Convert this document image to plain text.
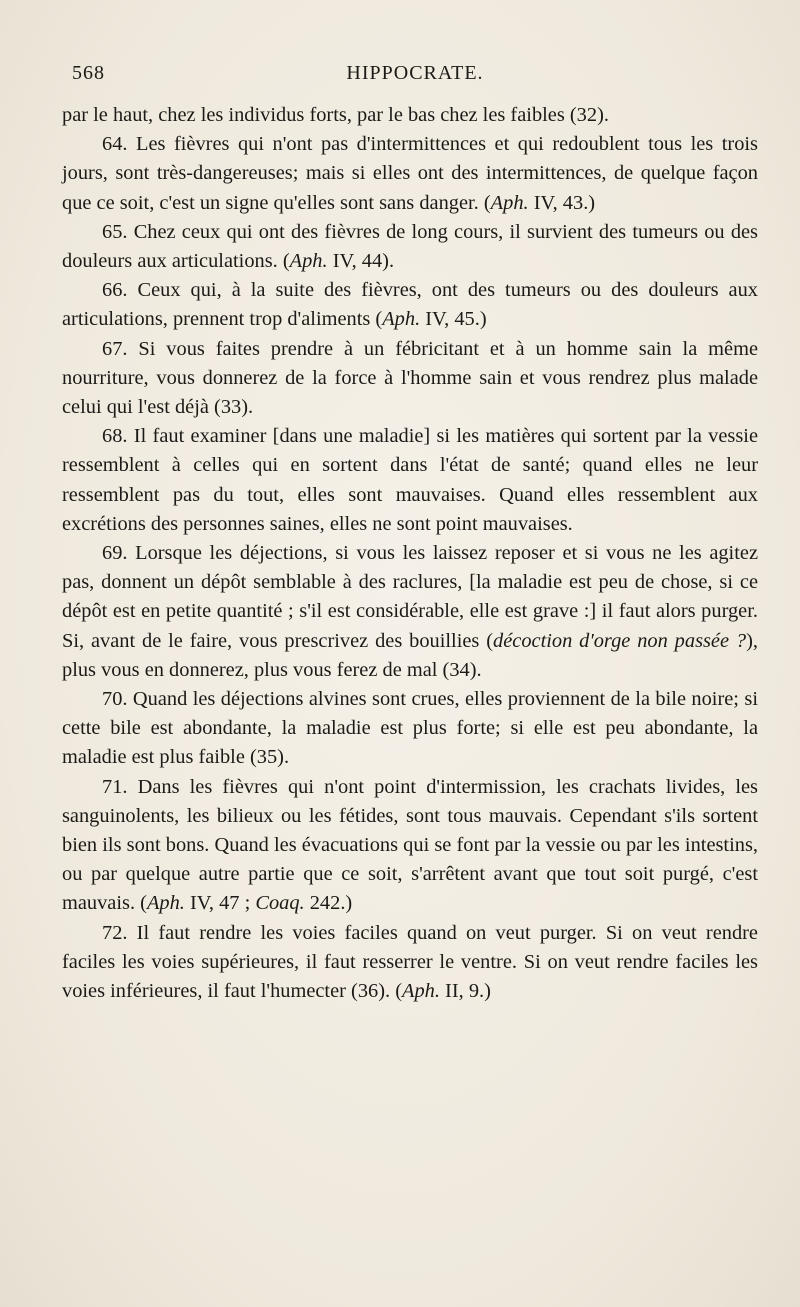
568	HIPPOCRATE.

par le haut, chez les individus forts, par le bas chez les faibles (32).

64. Les fièvres qui n'ont pas d'intermittences et qui redoublent tous les trois jours, sont très-dangereuses; mais si elles ont des intermittences, de quelque façon que ce soit, c'est un signe qu'elles sont sans danger. (Aph. IV, 43.)

65. Chez ceux qui ont des fièvres de long cours, il survient des tumeurs ou des douleurs aux articulations. (Aph. IV, 44).

66. Ceux qui, à la suite des fièvres, ont des tumeurs ou des douleurs aux articulations, prennent trop d'aliments (Aph. IV, 45.)

67. Si vous faites prendre à un fébricitant et à un homme sain la même nourriture, vous donnerez de la force à l'homme sain et vous rendrez plus malade celui qui l'est déjà (33).

68. Il faut examiner [dans une maladie] si les matières qui sortent par la vessie ressemblent à celles qui en sortent dans l'état de santé; quand elles ne leur ressemblent pas du tout, elles sont mauvaises. Quand elles ressemblent aux excrétions des personnes saines, elles ne sont point mauvaises.

69. Lorsque les déjections, si vous les laissez reposer et si vous ne les agitez pas, donnent un dépôt semblable à des raclures, [la maladie est peu de chose, si ce dépôt est en petite quantité ; s'il est considérable, elle est grave :] il faut alors purger. Si, avant de le faire, vous prescrivez des bouillies (décoction d'orge non passée ?), plus vous en donnerez, plus vous ferez de mal (34).

70. Quand les déjections alvines sont crues, elles proviennent de la bile noire; si cette bile est abondante, la maladie est plus forte; si elle est peu abondante, la maladie est plus faible (35).

71. Dans les fièvres qui n'ont point d'intermission, les crachats livides, les sanguinolents, les bilieux ou les fétides, sont tous mauvais. Cependant s'ils sortent bien ils sont bons. Quand les évacuations qui se font par la vessie ou par les intestins, ou par quelque autre partie que ce soit, s'arrêtent avant que tout soit purgé, c'est mauvais. (Aph. IV, 47 ; Coaq. 242.)

72. Il faut rendre les voies faciles quand on veut purger. Si on veut rendre faciles les voies supérieures, il faut resserrer le ventre. Si on veut rendre faciles les voies inférieures, il faut l'humecter (36). (Aph. II, 9.)
